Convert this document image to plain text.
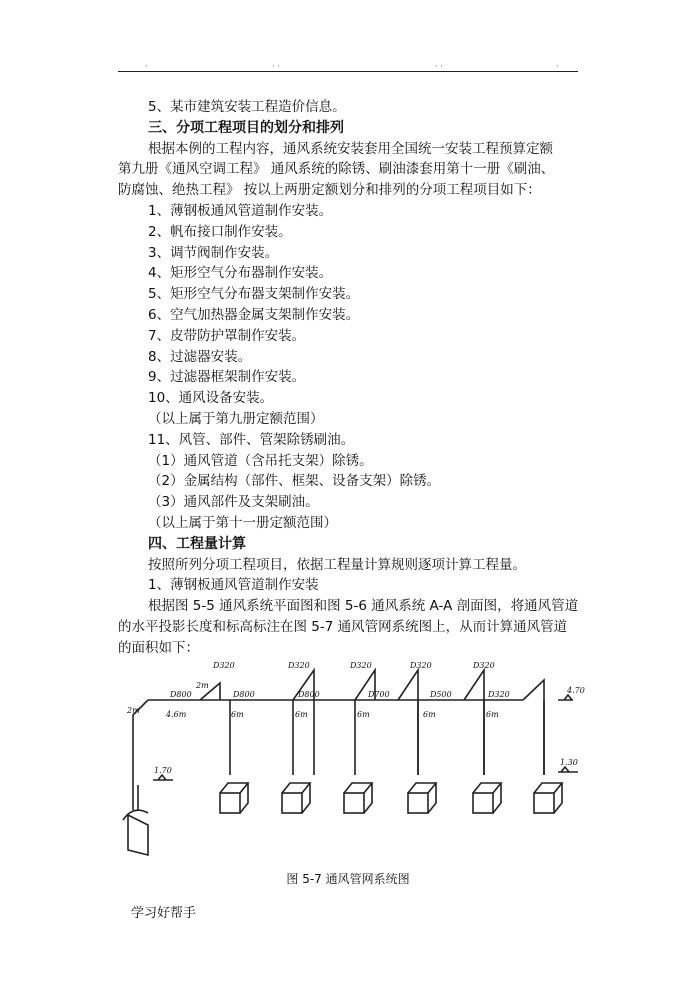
·	· ·	· ·	·
5、某市建筑安装工程造价信息。
三、分项工程项目的划分和排列
根据本例的工程内容，通风系统安装套用全国统一安装工程预算定额
第九册《通风空调工程》 通风系统的除锈、刷油漆套用第十一册《刷油、
防腐蚀、绝热工程》 按以上两册定额划分和排列的分项工程项目如下：
1、薄钢板通风管道制作安装。
2、帆布接口制作安装。
3、调节阀制作安装。
4、矩形空气分布器制作安装。
5、矩形空气分布器支架制作安装。
6、空气加热器金属支架制作安装。
7、皮带防护罩制作安装。
8、过滤器安装。
9、过滤器框架制作安装。
10、通风设备安装。
（以上属于第九册定额范围）
11、风管、部件、管架除锈刷油。
（1）通风管道（含吊托支架）除锈。
（2）金属结构（部件、框架、设备支架）除锈。
（3）通风部件及支架刷油。
（以上属于第十一册定额范围）
四、工程量计算
按照所列分项工程项目，依据工程量计算规则逐项计算工程量。
1、薄钢板通风管道制作安装
根据图 5-5 通风系统平面图和图 5-6 通风系统 A-A 剖面图，将通风管道
的水平投影长度和标高标注在图 5-7 通风管网系统图上，从而计算通风管道
的面积如下：
D320	D320	D320	D320	D320
D800	D800	D800	D700	D500	D320
2m
2m	4.6m	6m	6m	6m	6m	6m
4.70
1.70
1.30
图 5-7 通风管网系统图
学习好帮手
